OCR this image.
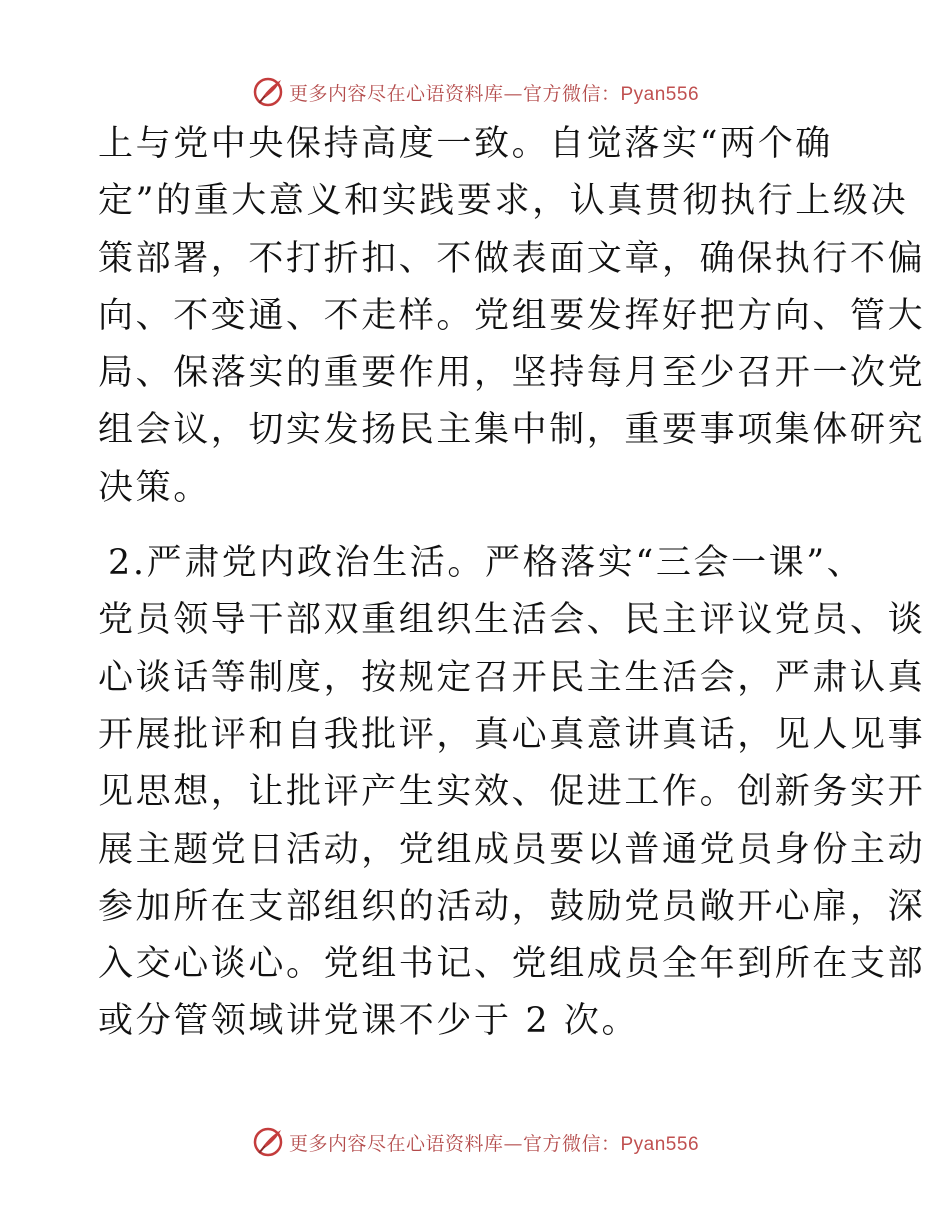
更多内容尽在心语资料库—官方微信：Pyan556
上与党中央保持高度一致。自觉落实“两个确
定”的重大意义和实践要求，认真贯彻执行上级决
策部署，不打折扣、不做表面文章，确保执行不偏
向、不变通、不走样。党组要发挥好把方向、管大
局、保落实的重要作用，坚持每月至少召开一次党
组会议，切实发扬民主集中制，重要事项集体研究
决策。
2.严肃党内政治生活。严格落实“三会一课”、
党员领导干部双重组织生活会、民主评议党员、谈
心谈话等制度，按规定召开民主生活会，严肃认真
开展批评和自我批评，真心真意讲真话，见人见事
见思想，让批评产生实效、促进工作。创新务实开
展主题党日活动，党组成员要以普通党员身份主动
参加所在支部组织的活动，鼓励党员敞开心扉，深
入交心谈心。党组书记、党组成员全年到所在支部
或分管领域讲党课不少于 2 次。
更多内容尽在心语资料库—官方微信：Pyan556
